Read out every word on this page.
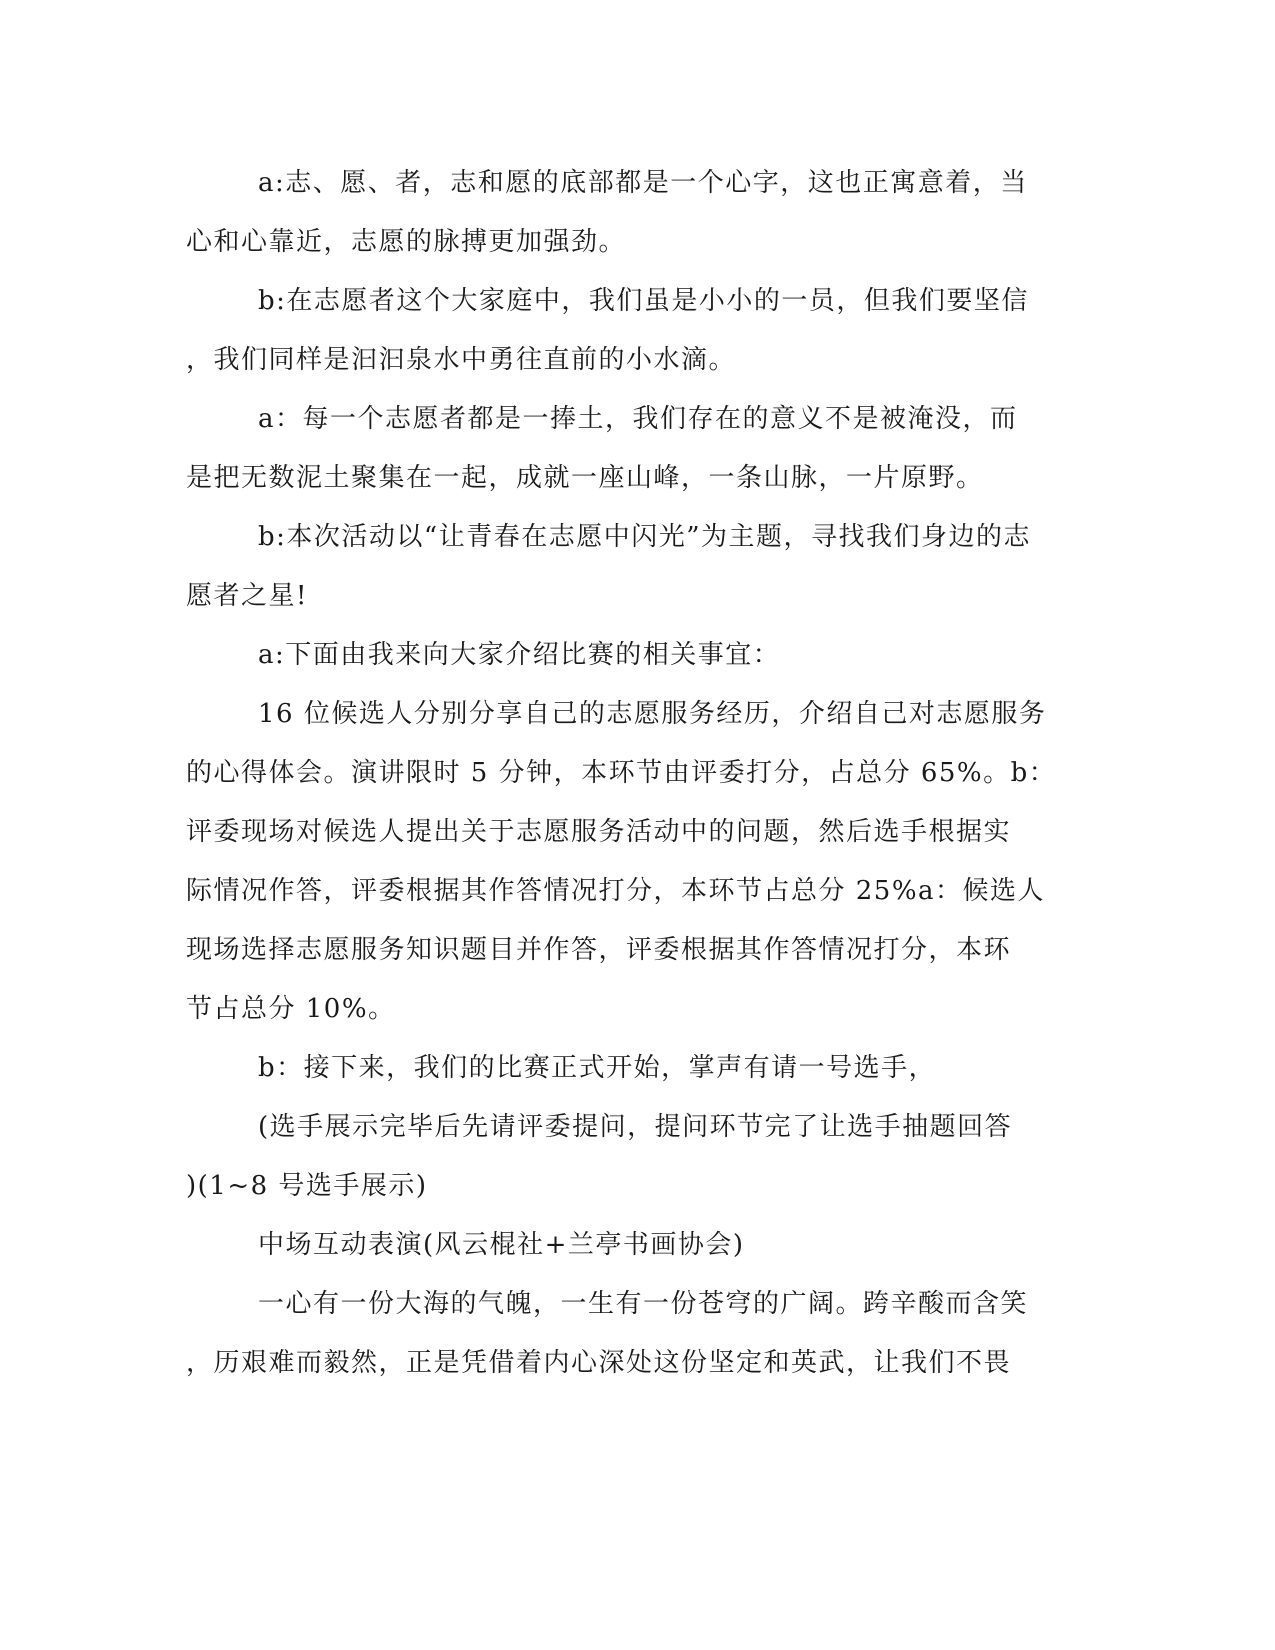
a:志、愿、者，志和愿的底部都是一个心字，这也正寓意着，当
心和心靠近，志愿的脉搏更加强劲。
b:在志愿者这个大家庭中，我们虽是小小的一员，但我们要坚信
，我们同样是汩汩泉水中勇往直前的小水滴。
a：每一个志愿者都是一捧土，我们存在的意义不是被淹没，而
是把无数泥土聚集在一起，成就一座山峰，一条山脉，一片原野。
b:本次活动以“让青春在志愿中闪光”为主题，寻找我们身边的志
愿者之星!
a:下面由我来向大家介绍比赛的相关事宜：
16 位候选人分别分享自己的志愿服务经历，介绍自己对志愿服务
的心得体会。演讲限时 5 分钟，本环节由评委打分，占总分 65%。b：
评委现场对候选人提出关于志愿服务活动中的问题，然后选手根据实
际情况作答，评委根据其作答情况打分，本环节占总分 25%a：候选人
现场选择志愿服务知识题目并作答，评委根据其作答情况打分，本环
节占总分 10%。
b：接下来，我们的比赛正式开始，掌声有请一号选手，
(选手展示完毕后先请评委提问，提问环节完了让选手抽题回答
)(1~8 号选手展示)
中场互动表演(风云棍社+兰亭书画协会)
一心有一份大海的气魄，一生有一份苍穹的广阔。跨辛酸而含笑
，历艰难而毅然，正是凭借着内心深处这份坚定和英武，让我们不畏
